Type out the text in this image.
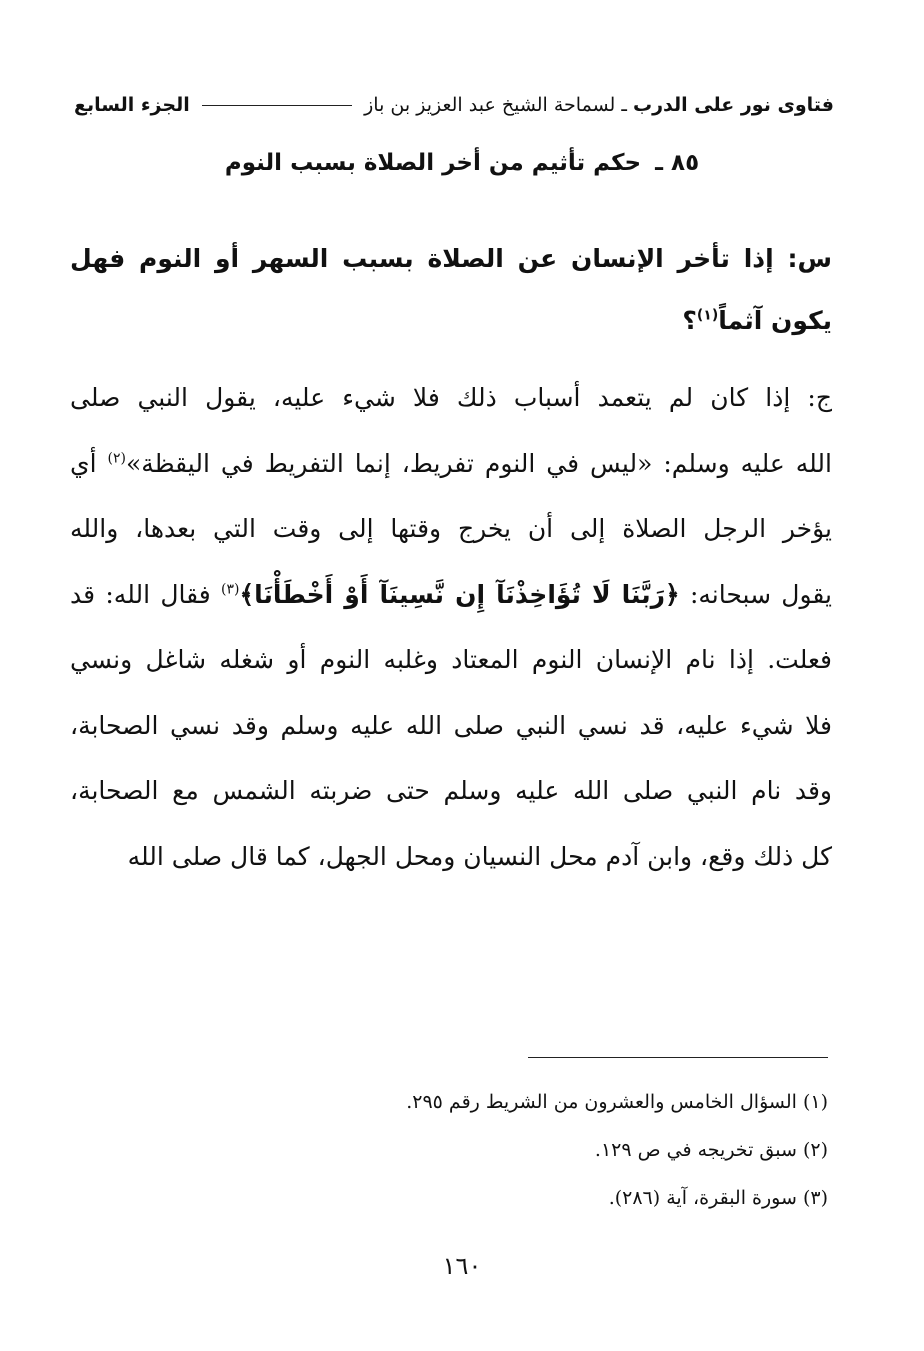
فتاوى نور على الدرب ـ لسماحة الشيخ عبد العزيز بن باز
الجزء السابع
٨٥ ـ حكم تأثيم من أخر الصلاة بسبب النوم
س: إذا تأخر الإنسان عن الصلاة بسبب السهر أو النوم فهل يكون آثماً$^{(١)}$؟
ج: إذا كان لم يتعمد أسباب ذلك فلا شيء عليه، يقول النبي صلى
الله عليه وسلم: «ليس في النوم تفريط، إنما التفريط في اليقظة»$^{(٢)}$ أي
يؤخر الرجل الصلاة إلى أن يخرج وقتها إلى وقت التي بعدها، والله
يقول سبحانه: ﴿رَبَّنَا لَا تُؤَاخِذْنَآ إِن نَّسِينَآ أَوْ أَخْطَأْنَا﴾$^{(٣)}$ فقال الله: قد
فعلت. إذا نام الإنسان النوم المعتاد وغلبه النوم أو شغله شاغل ونسي
فلا شيء عليه، قد نسي النبي صلى الله عليه وسلم وقد نسي الصحابة،
وقد نام النبي صلى الله عليه وسلم حتى ضربته الشمس مع الصحابة،
كل ذلك وقع، وابن آدم محل النسيان ومحل الجهل، كما قال صلى الله
(١) السؤال الخامس والعشرون من الشريط رقم ٢٩٥.
(٢) سبق تخريجه في ص ١٢٩.
(٣) سورة البقرة، آية (٢٨٦).
١٦٠
